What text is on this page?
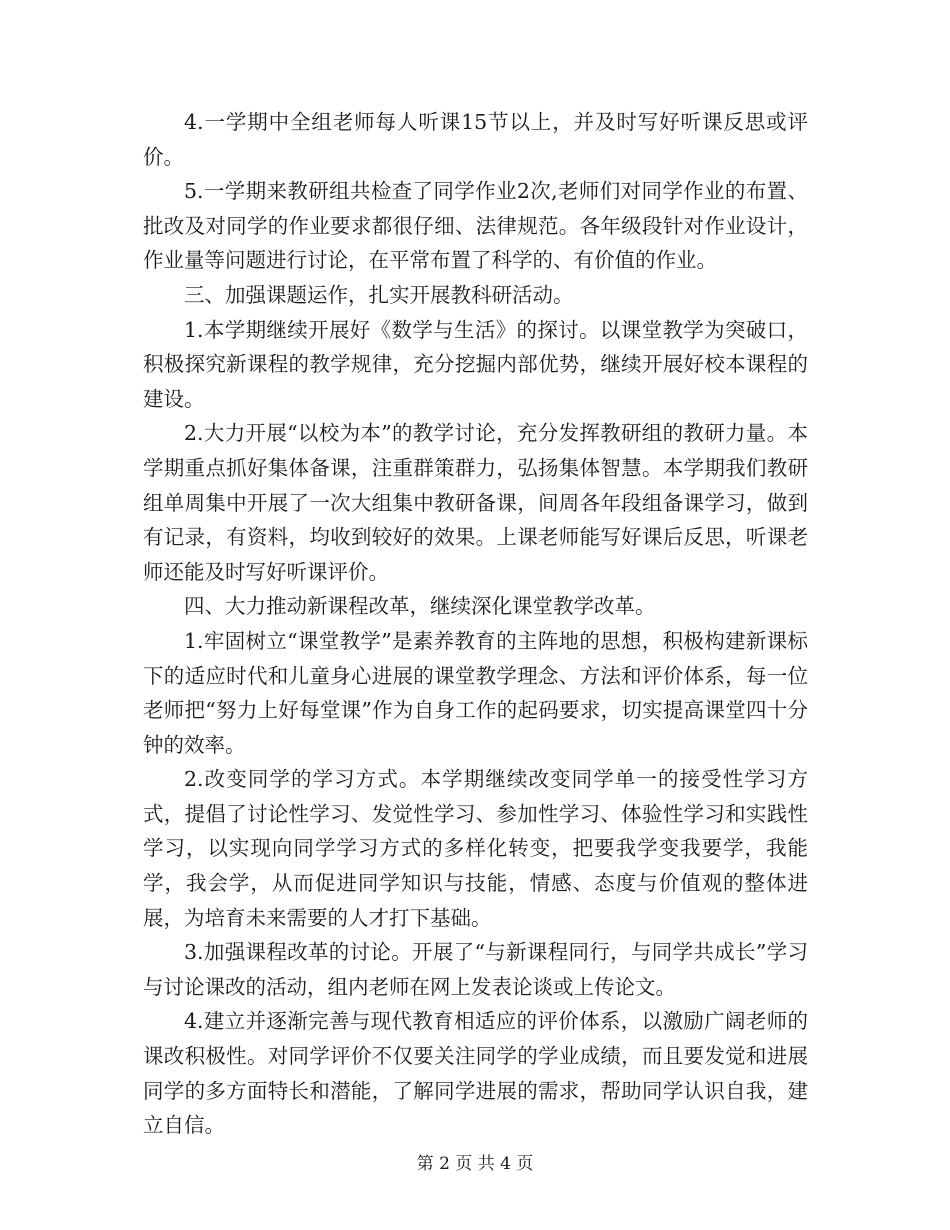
4.一学期中全组老师每人听课15节以上，并及时写好听课反思或评价。

5.一学期来教研组共检查了同学作业2次,老师们对同学作业的布置、批改及对同学的作业要求都很仔细、法律规范。各年级段针对作业设计，作业量等问题进行讨论，在平常布置了科学的、有价值的作业。

三、加强课题运作，扎实开展教科研活动。

1.本学期继续开展好《数学与生活》的探讨。以课堂教学为突破口，积极探究新课程的教学规律，充分挖掘内部优势，继续开展好校本课程的建设。

2.大力开展“以校为本”的教学讨论，充分发挥教研组的教研力量。本学期重点抓好集体备课，注重群策群力，弘扬集体智慧。本学期我们教研组单周集中开展了一次大组集中教研备课，间周各年段组备课学习，做到有记录，有资料，均收到较好的效果。上课老师能写好课后反思，听课老师还能及时写好听课评价。

四、大力推动新课程改革，继续深化课堂教学改革。

1.牢固树立“课堂教学”是素养教育的主阵地的思想，积极构建新课标下的适应时代和儿童身心进展的课堂教学理念、方法和评价体系，每一位老师把“努力上好每堂课”作为自身工作的起码要求，切实提高课堂四十分钟的效率。

2.改变同学的学习方式。本学期继续改变同学单一的接受性学习方式，提倡了讨论性学习、发觉性学习、参加性学习、体验性学习和实践性学习，以实现向同学学习方式的多样化转变，把要我学变我要学，我能学，我会学，从而促进同学知识与技能，情感、态度与价值观的整体进展，为培育未来需要的人才打下基础。

3.加强课程改革的讨论。开展了“与新课程同行，与同学共成长”学习与讨论课改的活动，组内老师在网上发表论谈或上传论文。

4.建立并逐渐完善与现代教育相适应的评价体系，以激励广阔老师的课改积极性。对同学评价不仅要关注同学的学业成绩，而且要发觉和进展同学的多方面特长和潜能，了解同学进展的需求，帮助同学认识自我，建立自信。

第 2 页 共 4 页
